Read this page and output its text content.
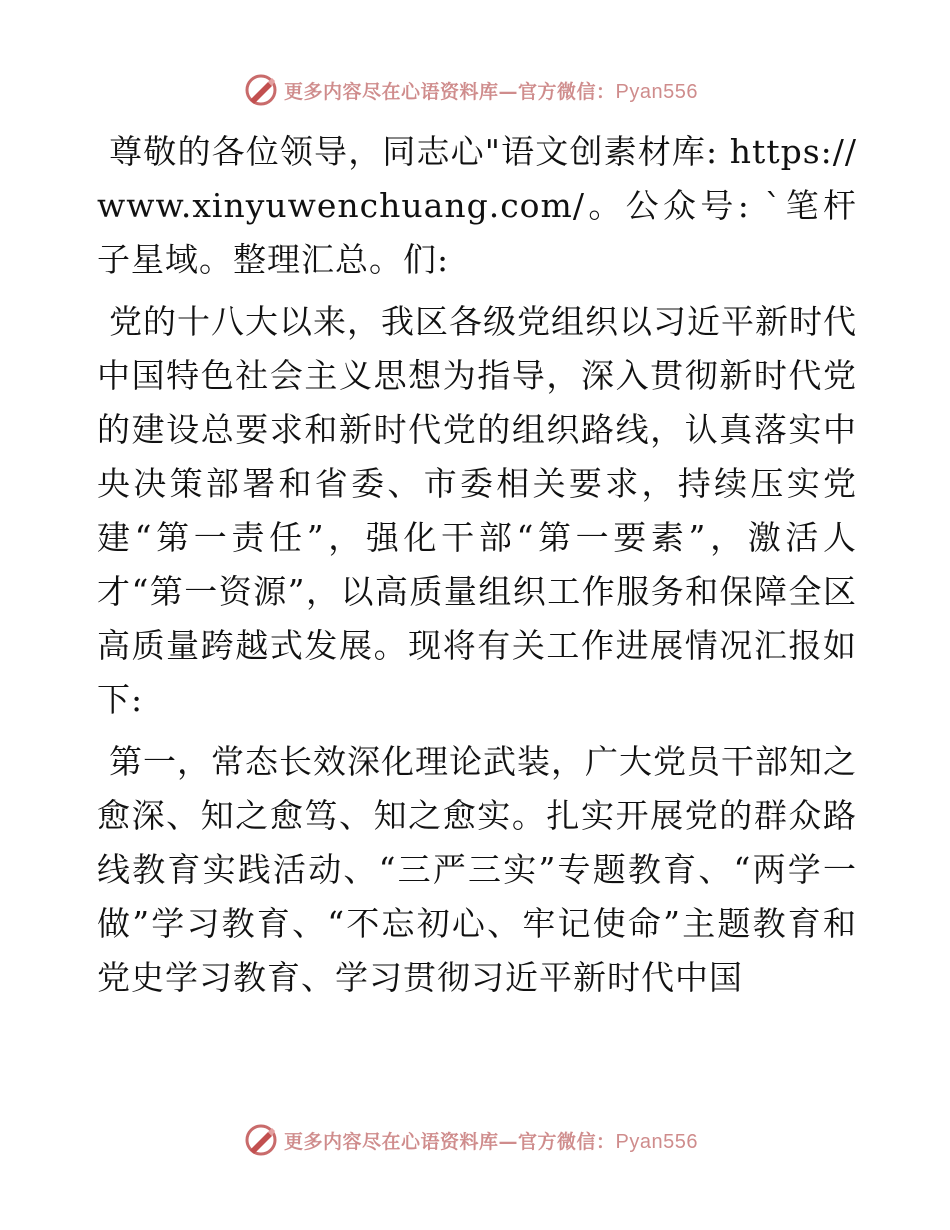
更多内容尽在心语资料库—官方微信：Pyan556

尊敬的各位领导，同志心"语文创素材库: https://www.xinyuwenchuang.com/。公众号: `笔杆子星域。整理汇总。们:

党的十八大以来，我区各级党组织以习近平新时代中国特色社会主义思想为指导，深入贯彻新时代党的建设总要求和新时代党的组织路线，认真落实中央决策部署和省委、市委相关要求，持续压实党建“第一责任”，强化干部“第一要素”，激活人才“第一资源”，以高质量组织工作服务和保障全区高质量跨越式发展。现将有关工作进展情况汇报如下:

第一，常态长效深化理论武装，广大党员干部知之愈深、知之愈笃、知之愈实。扎实开展党的群众路线教育实践活动、“三严三实”专题教育、“两学一做”学习教育、“不忘初心、牢记使命”主题教育和党史学习教育、学习贯彻习近平新时代中国

更多内容尽在心语资料库—官方微信：Pyan556
